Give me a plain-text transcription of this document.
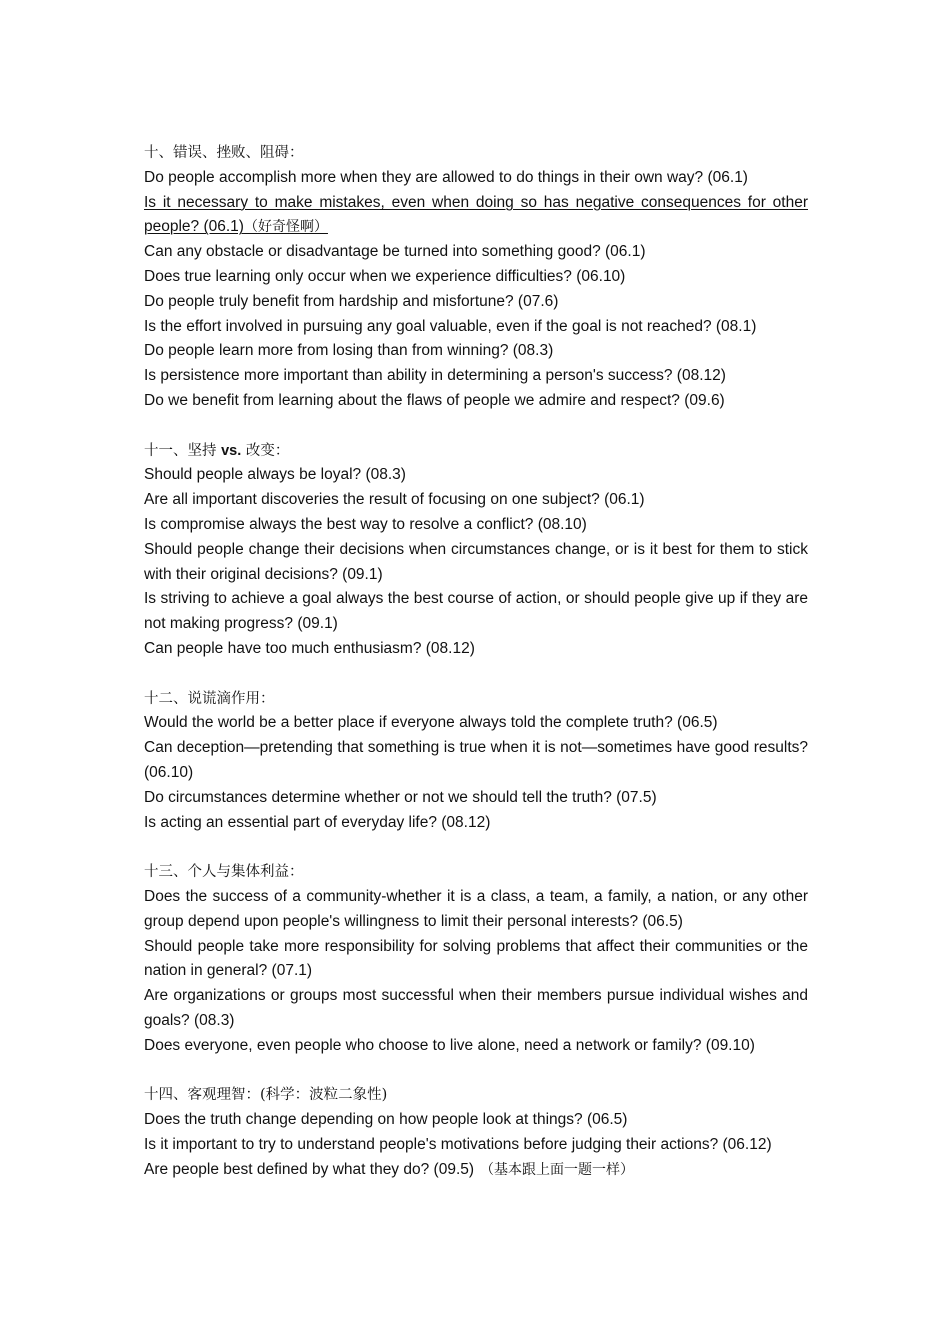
十、错误、挫败、阻碍：
Do people accomplish more when they are allowed to do things in their own way? (06.1)
Is it necessary to make mistakes, even when doing so has negative consequences for other people? (06.1)（好奇怪啊）
Can any obstacle or disadvantage be turned into something good? (06.1)
Does true learning only occur when we experience difficulties? (06.10)
Do people truly benefit from hardship and misfortune? (07.6)
Is the effort involved in pursuing any goal valuable, even if the goal is not reached? (08.1)
Do people learn more from losing than from winning? (08.3)
Is persistence more important than ability in determining a person's success? (08.12)
Do we benefit from learning about the flaws of people we admire and respect? (09.6)
十一、坚持 vs. 改变：
Should people always be loyal? (08.3)
Are all important discoveries the result of focusing on one subject? (06.1)
Is compromise always the best way to resolve a conflict? (08.10)
Should people change their decisions when circumstances change, or is it best for them to stick with their original decisions? (09.1)
Is striving to achieve a goal always the best course of action, or should people give up if they are not making progress? (09.1)
Can people have too much enthusiasm? (08.12)
十二、说谎滴作用：
Would the world be a better place if everyone always told the complete truth? (06.5)
Can deception—pretending that something is true when it is not—sometimes have good results? (06.10)
Do circumstances determine whether or not we should tell the truth? (07.5)
Is acting an essential part of everyday life? (08.12)
十三、个人与集体利益：
Does the success of a community-whether it is a class, a team, a family, a nation, or any other group depend upon people's willingness to limit their personal interests? (06.5)
Should people take more responsibility for solving problems that affect their communities or the nation in general? (07.1)
Are organizations or groups most successful when their members pursue individual wishes and goals? (08.3)
Does everyone, even people who choose to live alone, need a network or family? (09.10)
十四、客观理智：(科学：波粒二象性)
Does the truth change depending on how people look at things? (06.5)
Is it important to try to understand people's motivations before judging their actions? (06.12)
Are people best defined by what they do? (09.5) （基本跟上面一题一样）
